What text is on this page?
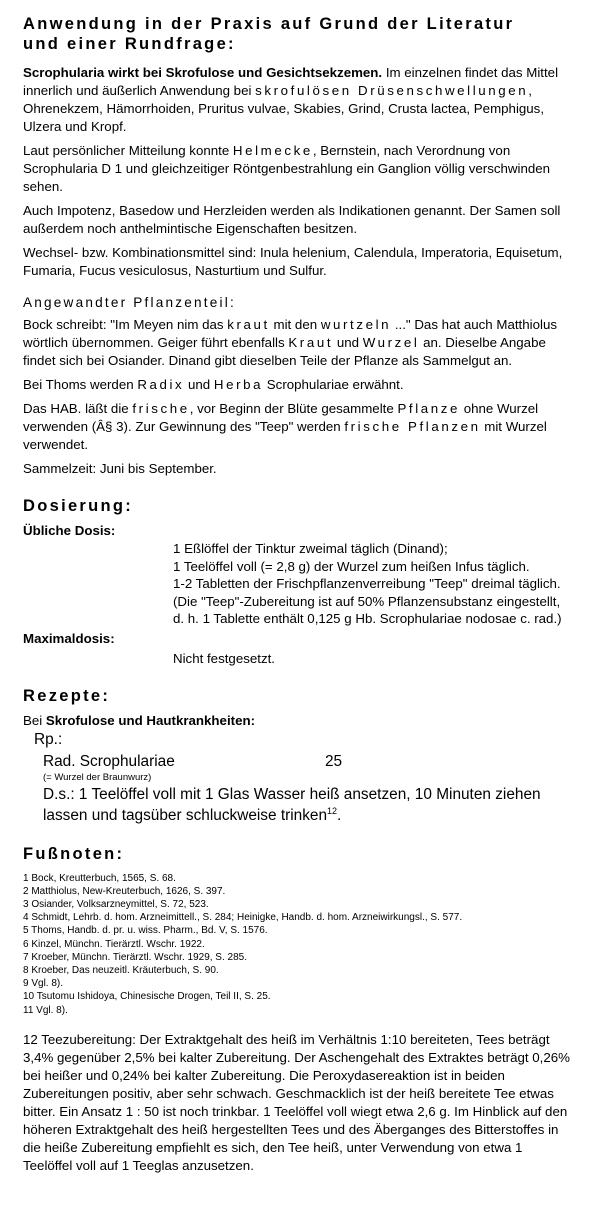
Anwendung in der Praxis auf Grund der Literatur
und einer Rundfrage:

Scrophularia wirkt bei Skrofulose und Gesichtsekzemen. Im einzelnen findet das Mittel innerlich und äußerlich Anwendung bei skrofulösen Drüsenschwellungen, Ohrenekzem, Hämorrhoiden, Pruritus vulvae, Skabies, Grind, Crusta lactea, Pemphigus, Ulzera und Kropf.

Laut persönlicher Mitteilung konnte Helmecke, Bernstein, nach Verordnung von Scrophularia D 1 und gleichzeitiger Röntgenbestrahlung ein Ganglion völlig verschwinden sehen.

Auch Impotenz, Basedow und Herzleiden werden als Indikationen genannt. Der Samen soll außerdem noch anthelmintische Eigenschaften besitzen.

Wechsel- bzw. Kombinationsmittel sind: Inula helenium, Calendula, Imperatoria, Equisetum, Fumaria, Fucus vesiculosus, Nasturtium und Sulfur.

Angewandter Pflanzenteil:

Bock schreibt: "Im Meyen nim das kraut mit den wurtzeln ..." Das hat auch Matthiolus wörtlich übernommen. Geiger führt ebenfalls Kraut und Wurzel an. Dieselbe Angabe findet sich bei Osiander. Dinand gibt dieselben Teile der Pflanze als Sammelgut an.

Bei Thoms werden Radix und Herba Scrophulariae erwähnt.

Das HAB. läßt die frische, vor Beginn der Blüte gesammelte Pflanze ohne Wurzel verwenden (Â§ 3). Zur Gewinnung des "Teep" werden frische Pflanzen mit Wurzel verwendet.

Sammelzeit: Juni bis September.

Dosierung:
Übliche Dosis:
1 Eßlöffel der Tinktur zweimal täglich (Dinand);
1 Teelöffel voll (= 2,8 g) der Wurzel zum heißen Infus täglich.
1-2 Tabletten der Frischpflanzenverreibung "Teep" dreimal täglich.
(Die "Teep"-Zubereitung ist auf 50% Pflanzensubstanz eingestellt, d. h. 1 Tablette enthält 0,125 g Hb. Scrophulariae nodosae c. rad.)
Maximaldosis:
Nicht festgesetzt.
Rezepte:
Bei Skrofulose und Hautkrankheiten:
Rp.:
Rad. Scrophulariae	25
(= Wurzel der Braunwurz)
D.s.: 1 Teelöffel voll mit 1 Glas Wasser heiß ansetzen, 10 Minuten ziehen lassen und tagsüber schluckweise trinken$^{12}$.
Fußnoten:
1 Bock, Kreutterbuch, 1565, S. 68.
2 Matthiolus, New-Kreuterbuch, 1626, S. 397.
3 Osiander, Volksarzneymittel, S. 72, 523.
4 Schmidt, Lehrb. d. hom. Arzneimittell., S. 284; Heinigke, Handb. d. hom. Arzneiwirkungsl., S. 577.
5 Thoms, Handb. d. pr. u. wiss. Pharm., Bd. V, S. 1576.
6 Kinzel, Münchn. Tierärztl. Wschr. 1922.
7 Kroeber, Münchn. Tierärztl. Wschr. 1929, S. 285.
8 Kroeber, Das neuzeitl. Kräuterbuch, S. 90.
9 Vgl. 8).
10 Tsutomu Ishidoya, Chinesische Drogen, Teil II, S. 25.
11 Vgl. 8).
12 Teezubereitung: Der Extraktgehalt des heiß im Verhältnis 1:10 bereiteten, Tees beträgt 3,4% gegenüber 2,5% bei kalter Zubereitung. Der Aschengehalt des Extraktes beträgt 0,26% bei heißer und 0,24% bei kalter Zubereitung. Die Peroxydasereaktion ist in beiden Zubereitungen positiv, aber sehr schwach. Geschmacklich ist der heiß bereitete Tee etwas bitter. Ein Ansatz 1 : 50 ist noch trinkbar. 1 Teelöffel voll wiegt etwa 2,6 g. Im Hinblick auf den höheren Extraktgehalt des heiß hergestellten Tees und des Äberganges des Bitterstoffes in die heiße Zubereitung empfiehlt es sich, den Tee heiß, unter Verwendung von etwa 1 Teelöffel voll auf 1 Teeglas anzusetzen.
